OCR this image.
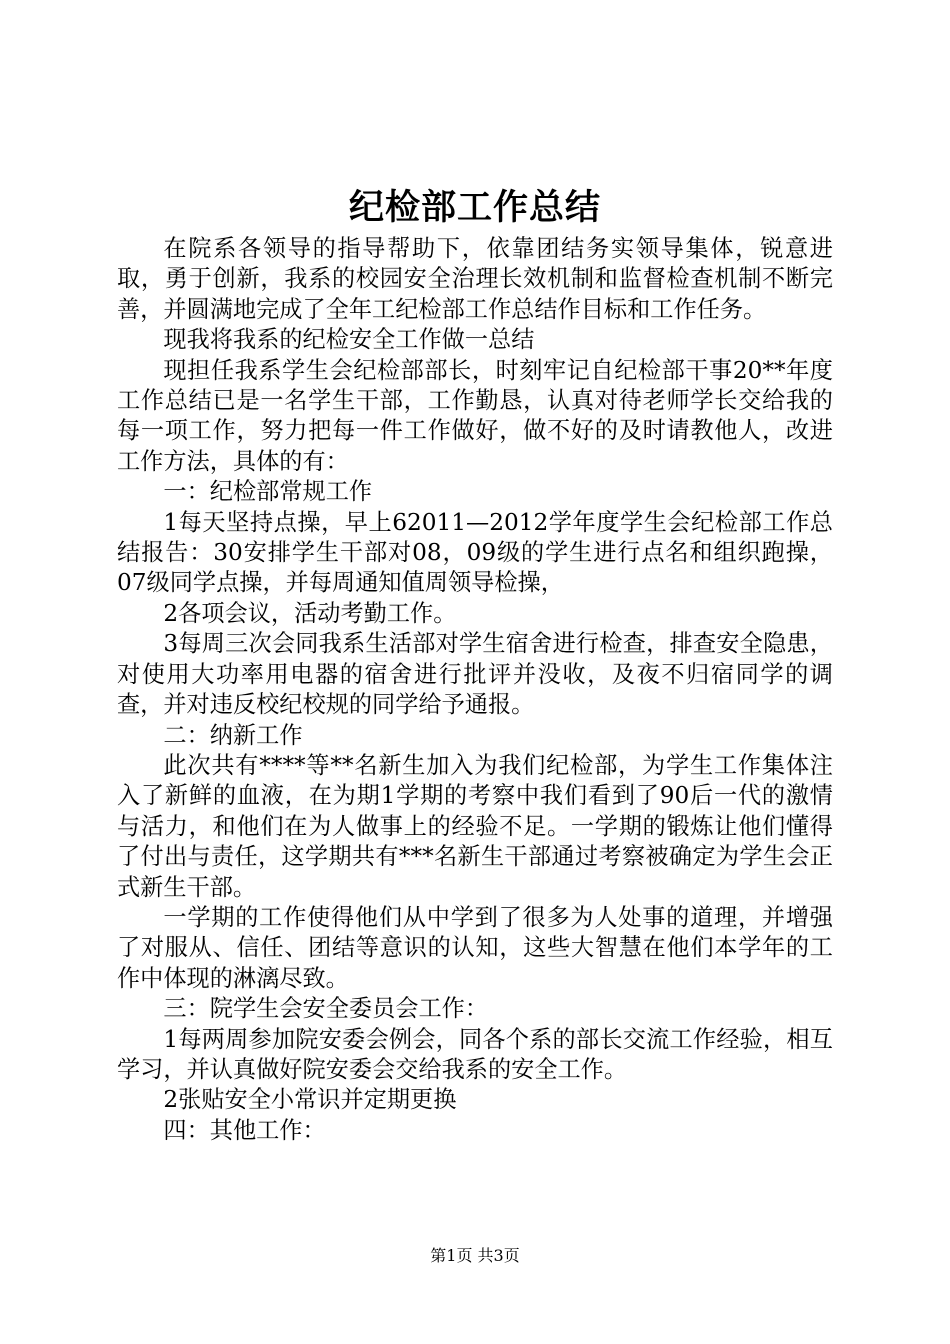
纪检部工作总结

在院系各领导的指导帮助下，依靠团结务实领导集体，锐意进取，勇于创新，我系的校园安全治理长效机制和监督检查机制不断完善，并圆满地完成了全年工纪检部工作总结作目标和工作任务。

现我将我系的纪检安全工作做一总结

现担任我系学生会纪检部部长，时刻牢记自纪检部干事20**年度工作总结已是一名学生干部，工作勤恳，认真对待老师学长交给我的每一项工作，努力把每一件工作做好，做不好的及时请教他人，改进工作方法，具体的有：

一：纪检部常规工作

1每天坚持点操，早上62011—2012学年度学生会纪检部工作总结报告：30安排学生干部对08，09级的学生进行点名和组织跑操，07级同学点操，并每周通知值周领导检操，

2各项会议，活动考勤工作。

3每周三次会同我系生活部对学生宿舍进行检查，排查安全隐患，对使用大功率用电器的宿舍进行批评并没收，及夜不归宿同学的调查，并对违反校纪校规的同学给予通报。

二：纳新工作

此次共有****等**名新生加入为我们纪检部，为学生工作集体注入了新鲜的血液，在为期1学期的考察中我们看到了90后一代的激情与活力，和他们在为人做事上的经验不足。一学期的锻炼让他们懂得了付出与责任，这学期共有***名新生干部通过考察被确定为学生会正式新生干部。

一学期的工作使得他们从中学到了很多为人处事的道理，并增强了对服从、信任、团结等意识的认知，这些大智慧在他们本学年的工作中体现的淋漓尽致。

三：院学生会安全委员会工作：

1每两周参加院安委会例会，同各个系的部长交流工作经验，相互学习，并认真做好院安委会交给我系的安全工作。

2张贴安全小常识并定期更换

四：其他工作：

第1页 共3页
